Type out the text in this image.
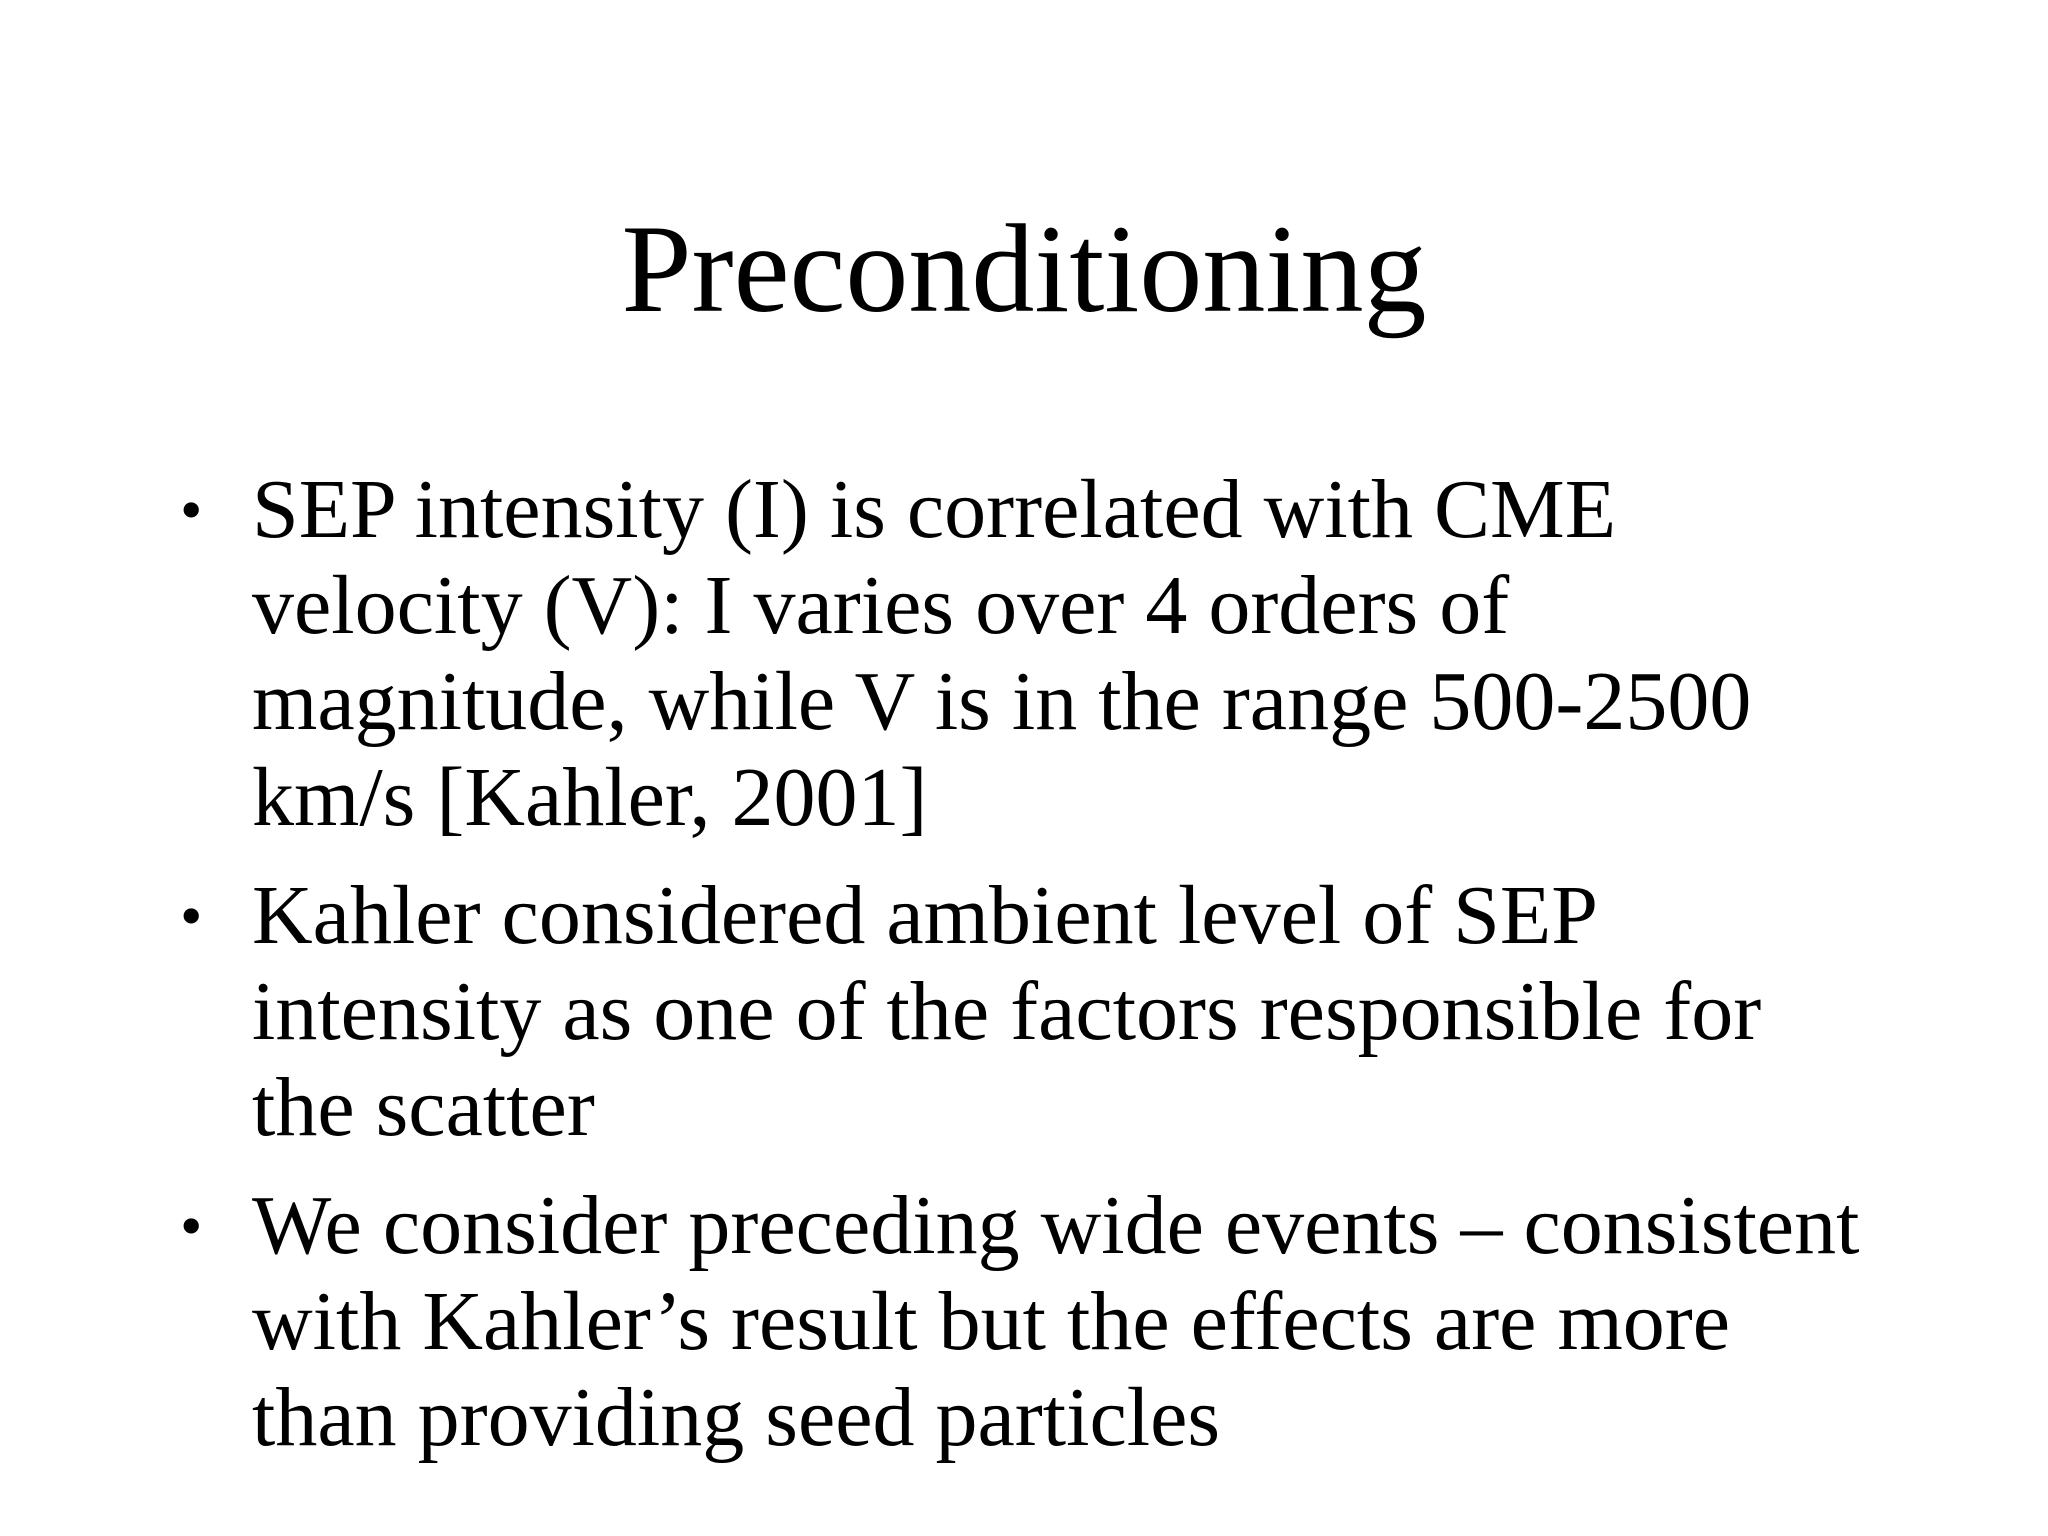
Preconditioning
• SEP intensity (I) is correlated with CME velocity (V): I varies over 4 orders of magnitude, while V is in the range 500-2500 km/s [Kahler, 2001]
• Kahler considered ambient level of SEP intensity as one of the factors responsible for the scatter
• We consider preceding wide events – consistent with Kahler’s result but the effects are more than providing seed particles
